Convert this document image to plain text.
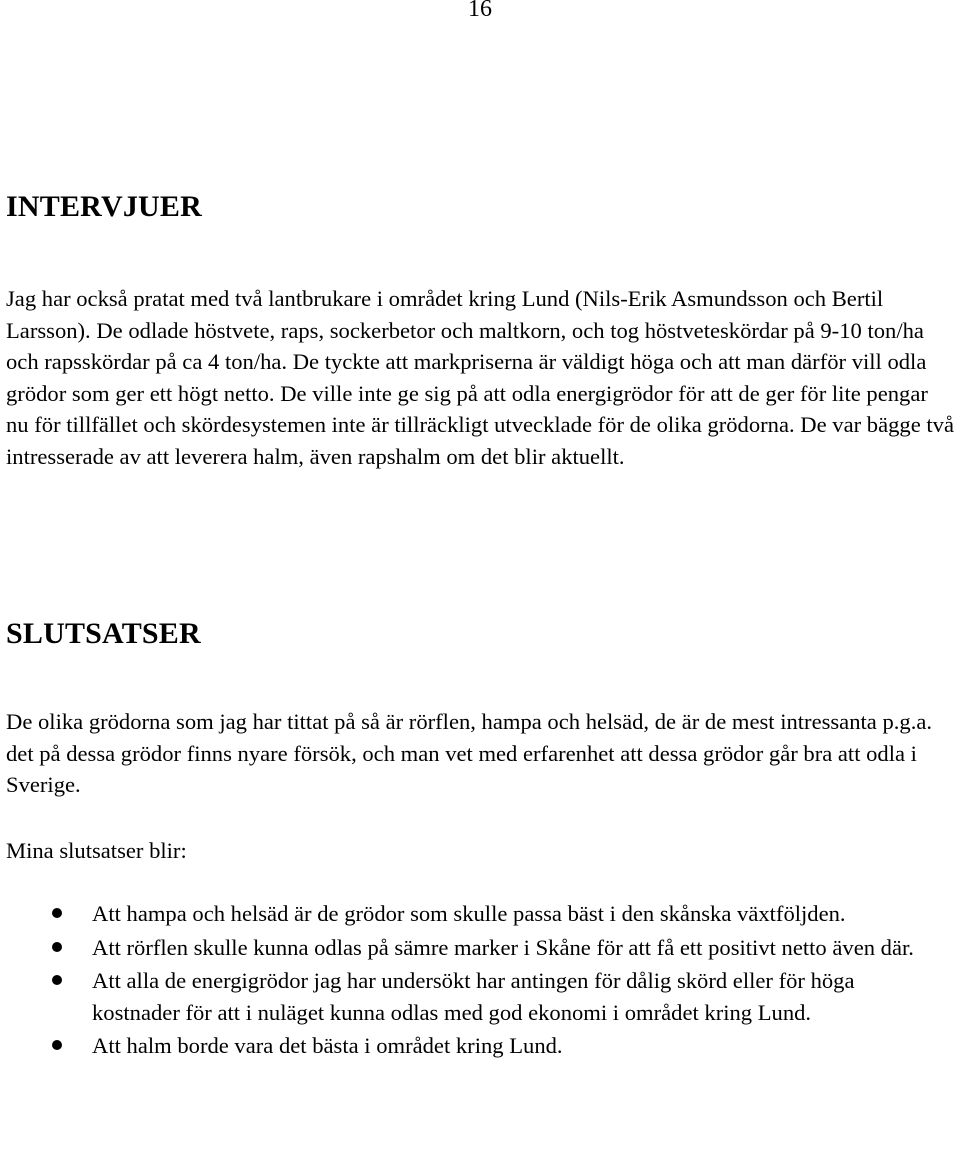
16
INTERVJUER

Jag har också pratat med två lantbrukare i området kring Lund (Nils-Erik Asmundsson och Bertil Larsson). De odlade höstvete, raps, sockerbetor och maltkorn, och tog höstveteskördar på 9-10 ton/ha och rapsskördar på ca 4 ton/ha. De tyckte att markpriserna är väldigt höga och att man därför vill odla grödor som ger ett högt netto. De ville inte ge sig på att odla energigrödor för att de ger för lite pengar nu för tillfället och skördesystemen inte är tillräckligt utvecklade för de olika grödorna. De var bägge två intresserade av att leverera halm, även rapshalm om det blir aktuellt.

SLUTSATSER

De olika grödorna som jag har tittat på så är rörflen, hampa och helsäd, de är de mest intressanta p.g.a. det på dessa grödor finns nyare försök, och man vet med erfarenhet att dessa grödor går bra att odla i Sverige.

Mina slutsatser blir:

Att hampa och helsäd är de grödor som skulle passa bäst i den skånska växtföljden.
Att rörflen skulle kunna odlas på sämre marker i Skåne för att få ett positivt netto även där.
Att alla de energigrödor jag har undersökt har antingen för dålig skörd eller för höga kostnader för att i nuläget kunna odlas med god ekonomi i området kring Lund.
Att halm borde vara det bästa i området kring Lund.
